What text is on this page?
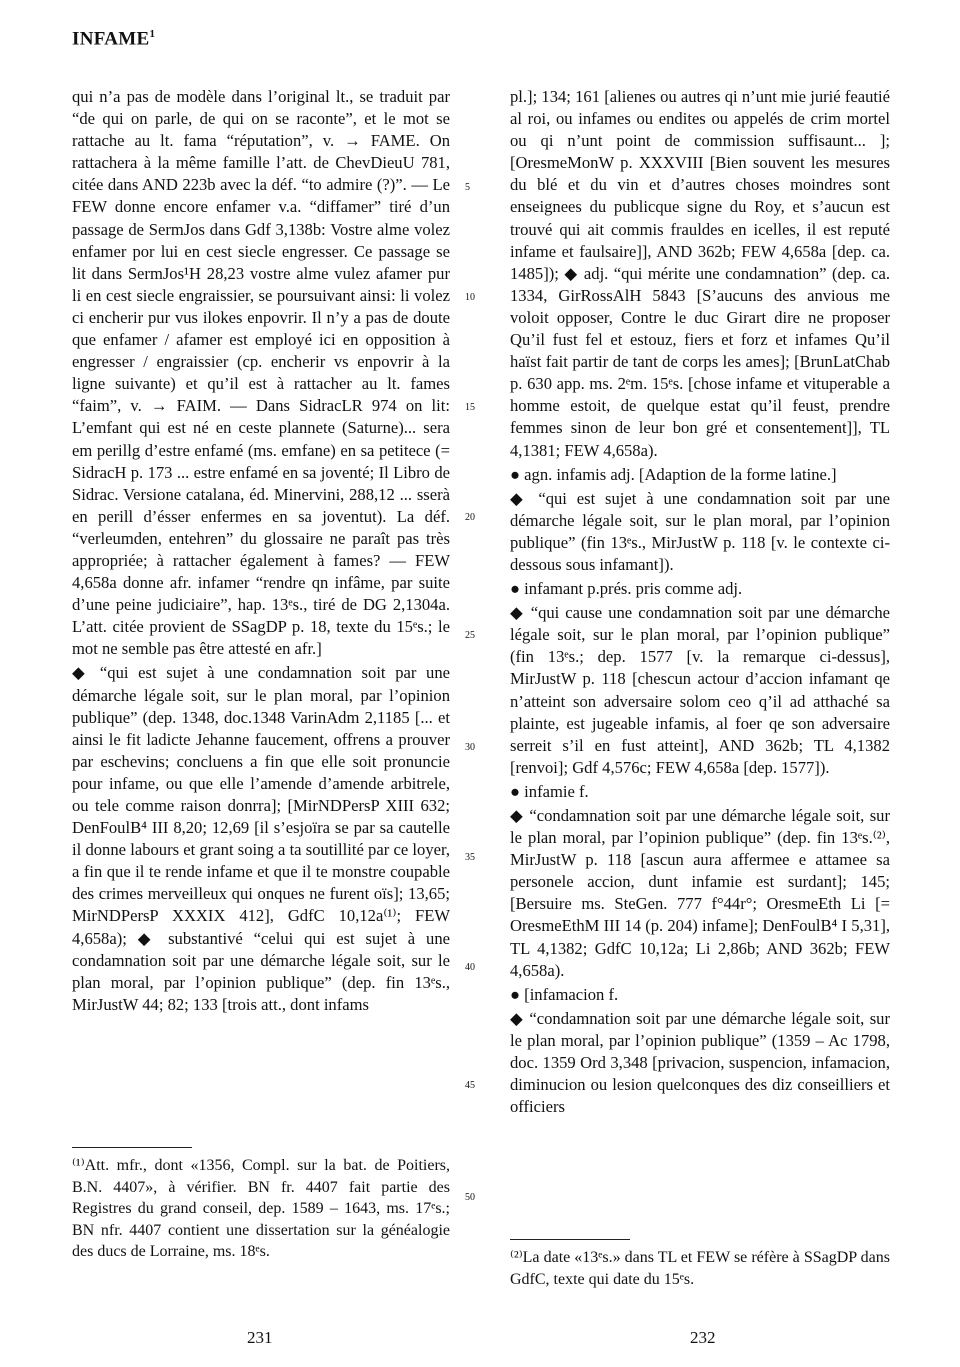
INFAME$^1$

qui n’a pas de modèle dans l’original lt., se traduit par “de qui on parle, de qui on se raconte”, et le mot se rattache au lt. fama “réputation”, v. → FAME. On rattachera à la même famille l’att. de ChevDieuU 781, citée dans AND 223b avec la déf. “to admire (?)”. — Le FEW donne encore enfamer v.a. “diffamer” tiré d’un passage de SermJos dans Gdf 3,138b: Vostre alme volez enfamer por lui en cest siecle engresser. Ce passage se lit dans SermJos¹H 28,23 vostre alme vulez afamer pur li en cest siecle engraissier, se poursuivant ainsi: li volez ci encherir pur vus ilokes enpovrir. Il n’y a pas de doute que enfamer / afamer est employé ici en opposition à engresser / engraissier (cp. encherir vs enpovrir à la ligne suivante) et qu’il est à rattacher au lt. fames “faim”, v. → FAIM. — Dans SidracLR 974 on lit: L’emfant qui est né en ceste plannete (Saturne)... sera em perillg d’estre enfamé (ms. emfane) en sa petitece (= SidracH p. 173 ... estre enfamé en sa joventé; Il Libro de Sidrac. Versione catalana, éd. Minervini, 288,12 ... sserà en perill d’ésser enfermes en sa joventut). La déf. “verleumden, entehren” du glossaire ne paraît pas très appropriée; à rattacher également à fames? — FEW 4,658a donne afr. infamer “rendre qn infâme, par suite d’une peine judiciaire”, hap. 13ᵉs., tiré de DG 2,1304a. L’att. citée provient de SSagDP p. 18, texte du 15ᵉs.; le mot ne semble pas être attesté en afr.]

◆ “qui est sujet à une condamnation soit par une démarche légale soit, sur le plan moral, par l’opinion publique” (dep. 1348, doc.1348 VarinAdm 2,1185 [... et ainsi le fit ladicte Jehanne faucement, offrens a prouver par eschevins; concluens a fin que elle soit pronuncie pour infame, ou que elle l’amende d’amende arbitrele, ou tele comme raison donrra]; [MirNDPersP XIII 632; DenFoulB⁴ III 8,20; 12,69 [il s’esjoïra se par sa cautelle il donne labours et grant soing a ta soutillité par ce loyer, a fin que il te rende infame et que il te monstre coupable des crimes merveilleux qui onques ne furent oïs]; 13,65; MirNDPersP XXXIX 412], GdfC 10,12a⁽¹⁾; FEW 4,658a); ◆ substantivé “celui qui est sujet à une condamnation soit par une démarche légale soit, sur le plan moral, par l’opinion publique” (dep. fin 13ᵉs., MirJustW 44; 82; 133 [trois att., dont infams

5
10
15
20
25
30
35
40
45
50

pl.]; 134; 161 [alienes ou autres qi n’unt mie jurié feautié al roi, ou infames ou endites ou appelés de crim mortel ou qi n’unt point de commission suffisaunt... ]; [OresmeMonW p. XXXVIII [Bien souvent les mesures du blé et du vin et d’autres choses moindres sont enseignees du publicque signe du Roy, et s’aucun est trouvé qui ait commis frauldes en icelles, il est reputé infame et faulsaire]], AND 362b; FEW 4,658a [dep. ca. 1485]); ◆ adj. “qui mérite une condamnation” (dep. ca. 1334, GirRossAlH 5843 [S’aucuns des anvious me voloit opposer, Contre le duc Girart dire ne proposer Qu’il fust fel et estouz, fiers et forz et infames Qu’il haïst fait partir de tant de corps les ames]; [BrunLatChab p. 630 app. ms. 2ᵉm. 15ᵉs. [chose infame et vituperable a homme estoit, de quelque estat qu’il feust, prendre femmes sinon de leur bon gré et consentement]], TL 4,1381; FEW 4,658a).

● agn. infamis adj. [Adaption de la forme latine.]

◆ “qui est sujet à une condamnation soit par une démarche légale soit, sur le plan moral, par l’opinion publique” (fin 13ᵉs., MirJustW p. 118 [v. le contexte ci-dessous sous infamant]).

● infamant p.prés. pris comme adj.

◆ “qui cause une condamnation soit par une démarche légale soit, sur le plan moral, par l’opinion publique” (fin 13ᵉs.; dep. 1577 [v. la remarque ci-dessus], MirJustW p. 118 [chescun actour d’accion infamant qe n’atteint son adversaire solom ceo q’il ad atthaché sa plainte, est jugeable infamis, al foer qe son adversaire serreit s’il en fust atteint], AND 362b; TL 4,1382 [renvoi]; Gdf 4,576c; FEW 4,658a [dep. 1577]).

● infamie f.

◆ “condamnation soit par une démarche légale soit, sur le plan moral, par l’opinion publique” (dep. fin 13ᵉs.⁽²⁾, MirJustW p. 118 [ascun aura affermee e attamee sa personele accion, dunt infamie est surdant]; 145; [Bersuire ms. SteGen. 777 f°44r°; OresmeEth Li [= OresmeEthM III 14 (p. 204) infame]; DenFoulB⁴ I 5,31], TL 4,1382; GdfC 10,12a; Li 2,86b; AND 362b; FEW 4,658a).

● [infamacion f.

◆ “condamnation soit par une démarche légale soit, sur le plan moral, par l’opinion publique” (1359 – Ac 1798, doc. 1359 Ord 3,348 [privacion, suspencion, infamacion, diminucion ou lesion quelconques des diz conseilliers et officiers

⁽¹⁾Att. mfr., dont «1356, Compl. sur la bat. de Poitiers, B.N. 4407», à vérifier. BN fr. 4407 fait partie des Registres du grand conseil, dep. 1589 – 1643, ms. 17ᵉs.; BN nfr. 4407 contient une dissertation sur la généalogie des ducs de Lorraine, ms. 18ᵉs.	⁽²⁾La date «13ᵉs.» dans TL et FEW se réfère à SSagDP dans GdfC, texte qui date du 15ᵉs.
231	232
